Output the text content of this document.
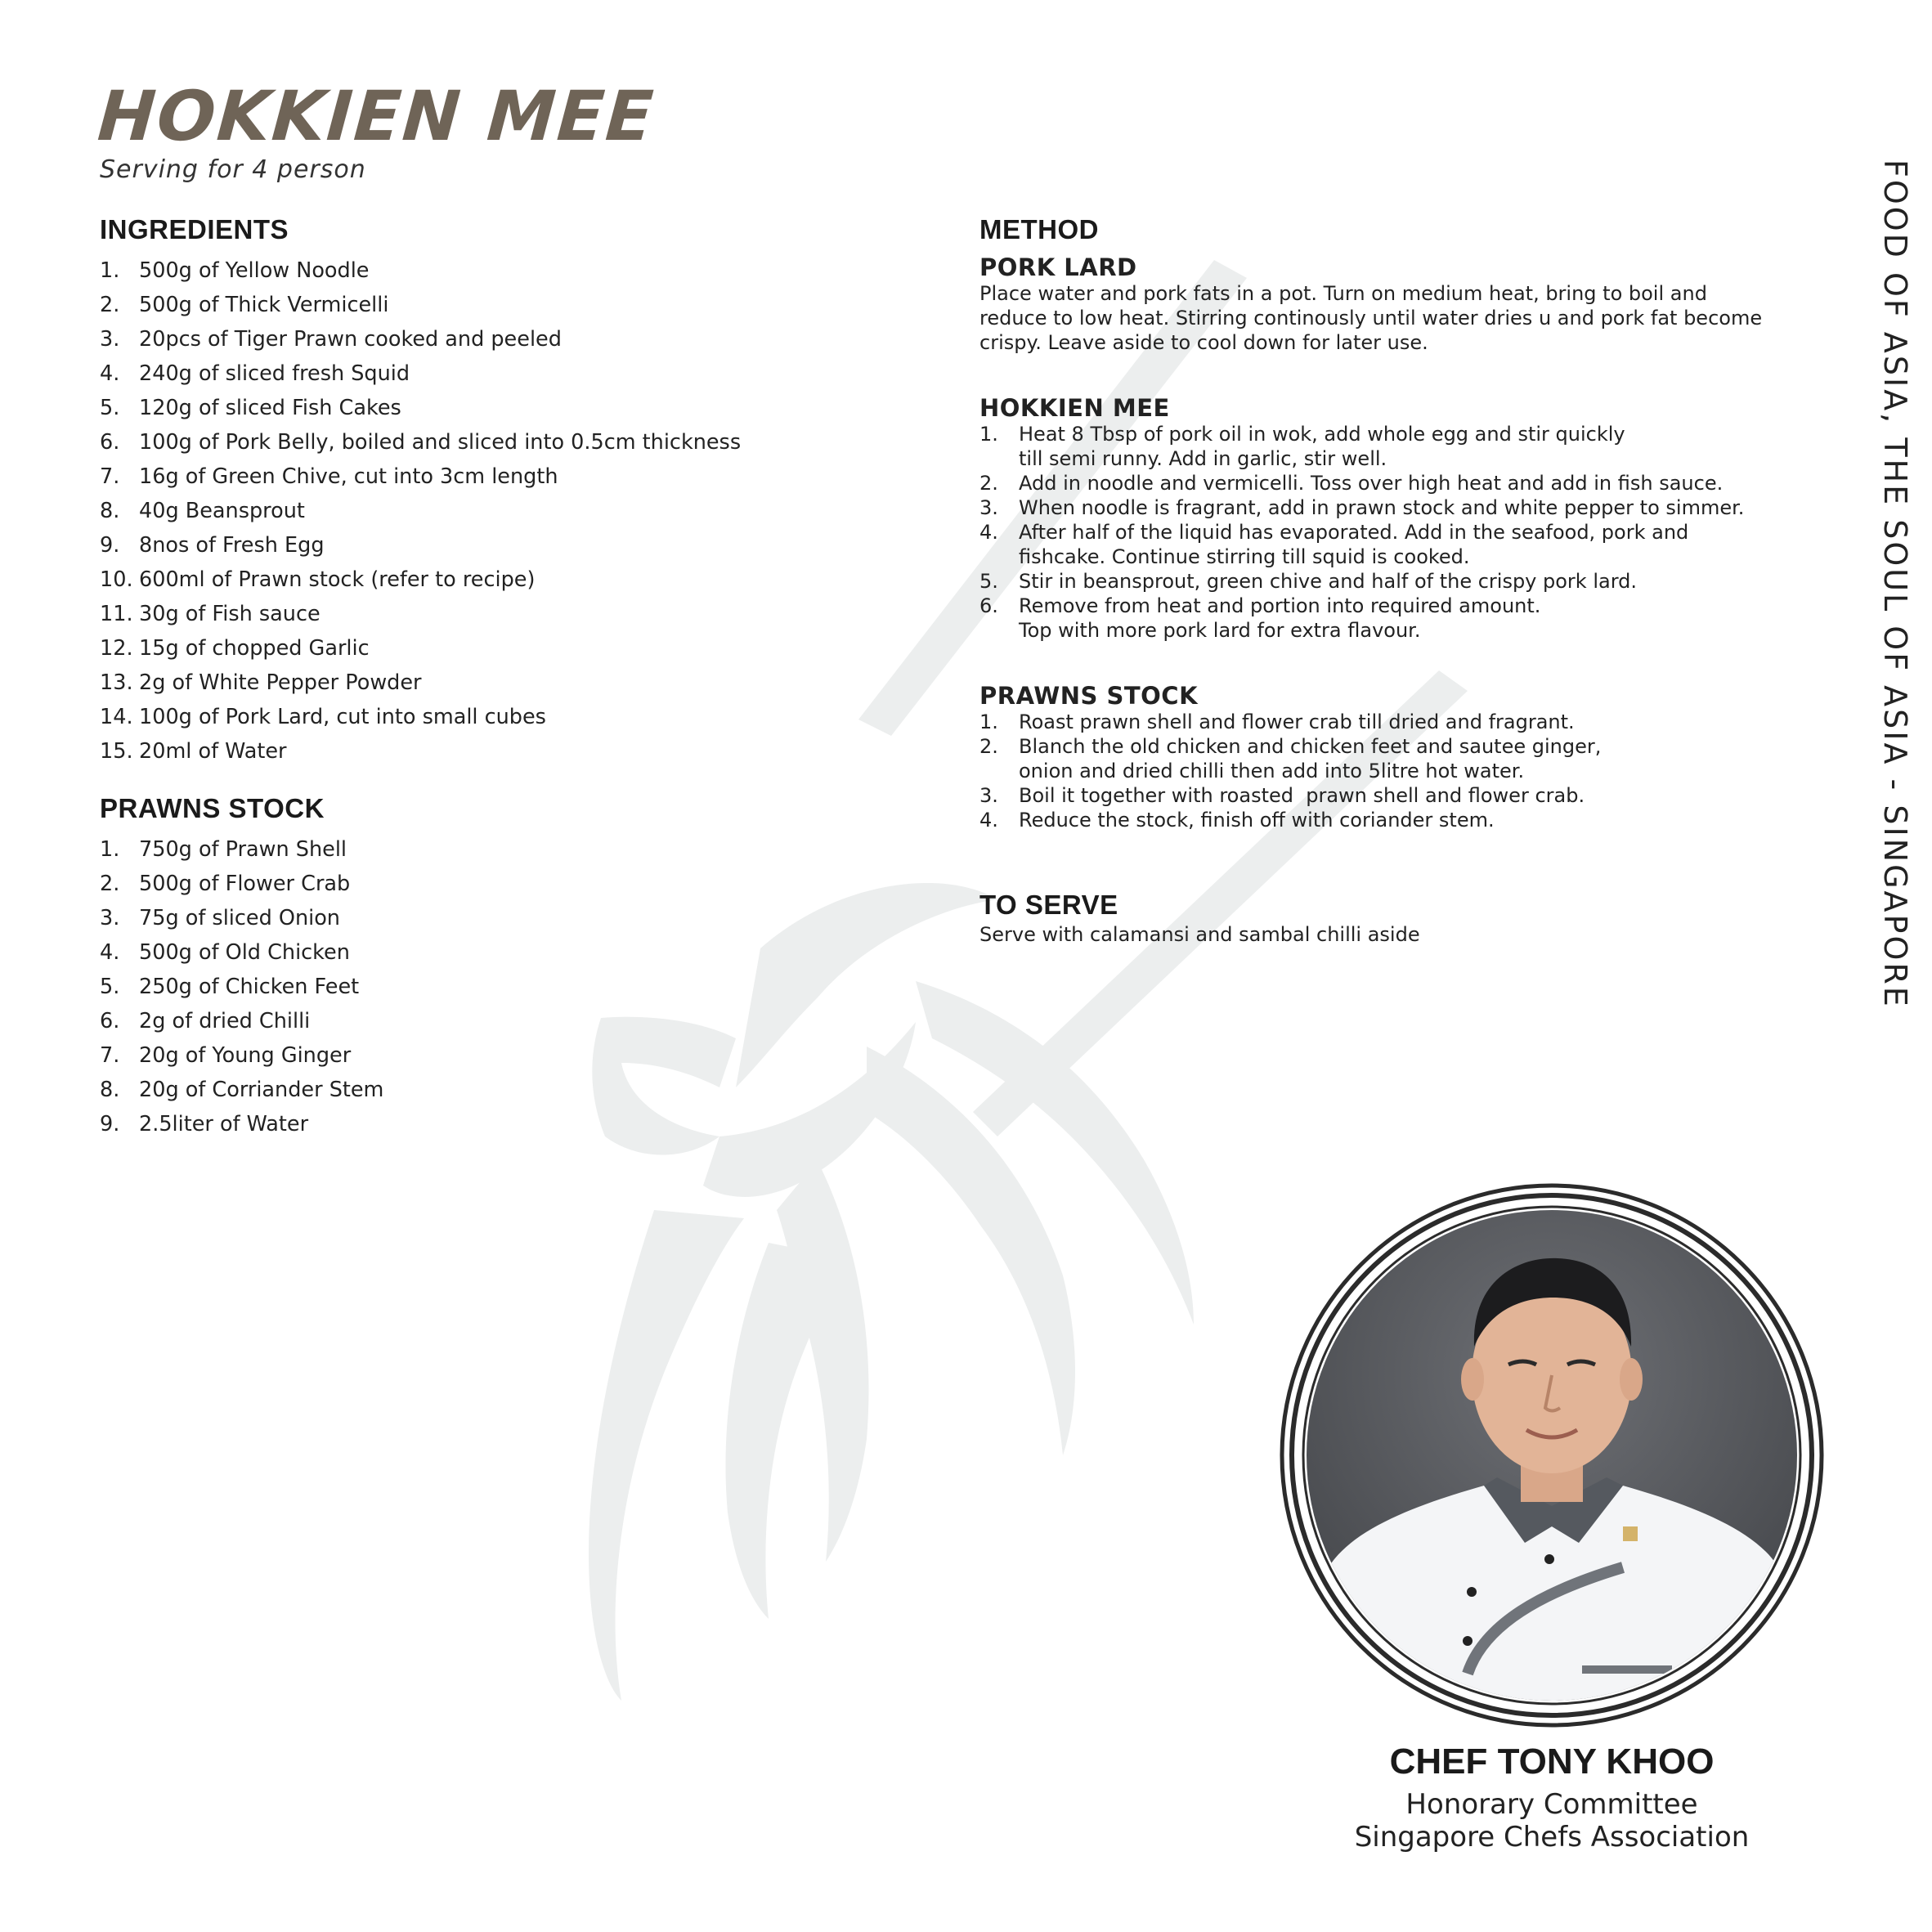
HOKKIEN MEE

Serving for 4 person

INGREDIENTS
1. 500g of Yellow Noodle
2. 500g of Thick Vermicelli
3. 20pcs of Tiger Prawn cooked and peeled
4. 240g of sliced fresh Squid
5. 120g of sliced Fish Cakes
6. 100g of Pork Belly, boiled and sliced into 0.5cm thickness
7. 16g of Green Chive, cut into 3cm length
8. 40g Beansprout
9. 8nos of Fresh Egg
10. 600ml of Prawn stock (refer to recipe)
11. 30g of Fish sauce
12. 15g of chopped Garlic
13. 2g of White Pepper Powder
14. 100g of Pork Lard, cut into small cubes
15. 20ml of Water
PRAWNS STOCK
1. 750g of Prawn Shell
2. 500g of Flower Crab
3. 75g of sliced Onion
4. 500g of Old Chicken
5. 250g of Chicken Feet
6. 2g of dried Chilli
7. 20g of Young Ginger
8. 20g of Corriander Stem
9. 2.5liter of Water
METHOD
PORK LARD

Place water and pork fats in a pot. Turn on medium heat, bring to boil and

reduce to low heat. Stirring continously until water dries u and pork fat become

crispy. Leave aside to cool down for later use.

HOKKIEN MEE
1.	Heat 8 Tbsp of pork oil in wok, add whole egg and stir quickly
till semi runny. Add in garlic, stir well.
2.	Add in noodle and vermicelli. Toss over high heat and add in fish sauce.
3.	When noodle is fragrant, add in prawn stock and white pepper to simmer.
4.	After half of the liquid has evaporated. Add in the seafood, pork and
fishcake. Continue stirring till squid is cooked.
5.	Stir in beansprout, green chive and half of the crispy pork lard.
6.	Remove from heat and portion into required amount.
Top with more pork lard for extra flavour.
PRAWNS STOCK
1.	Roast prawn shell and flower crab till dried and fragrant.
2.	Blanch the old chicken and chicken feet and sautee ginger,
onion and dried chilli then add into 5litre hot water.
3.	Boil it together with roasted  prawn shell and flower crab.
4.	Reduce the stock, finish off with coriander stem.
TO SERVE

Serve with calamansi and sambal chilli aside	FOOD OF ASIA, THE SOUL OF ASIA - SINGAPORE

CHEF TONY KHOO

Honorary Committee

Singapore Chefs Association
